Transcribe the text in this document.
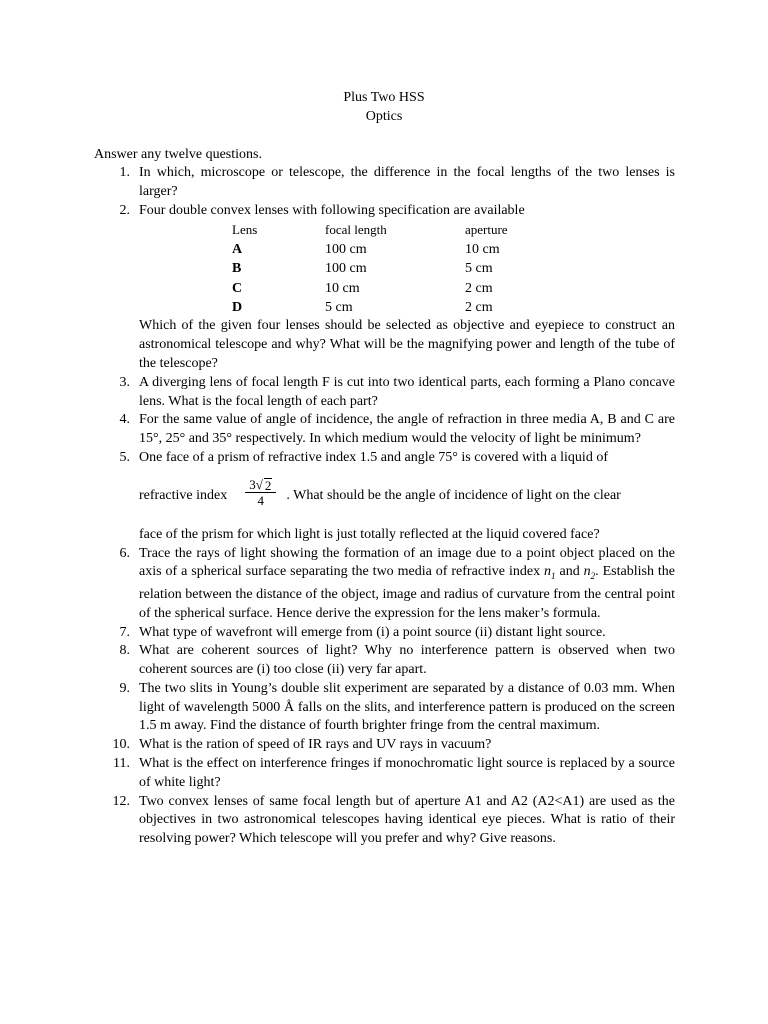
Plus Two HSS
Optics
Answer any twelve questions.
1. In which, microscope or telescope, the difference in the focal lengths of the two lenses is larger?
2. Four double convex lenses with following specification are available
Lens	focal length	aperture
A	100 cm	10 cm
B	100 cm	5 cm
C	10 cm	2 cm
D	5 cm	2 cm
Which of the given four lenses should be selected as objective and eyepiece to construct an astronomical telescope and why? What will be the magnifying power and length of the tube of the telescope?
3. A diverging lens of focal length F is cut into two identical parts, each forming a Plano concave lens. What is the focal length of each part?
4. For the same value of angle of incidence, the angle of refraction in three media A, B and C are 15°, 25° and 35° respectively. In which medium would the velocity of light be minimum?
5. One face of a prism of refractive index 1.5 and angle 75° is covered with a liquid of
refractive index $\frac{3 √ 2}{4}$ . What should be the angle of incidence of light on the clear
face of the prism for which light is just totally reflected at the liquid covered face?
6. Trace the rays of light showing the formation of an image due to a point object placed on the axis of a spherical surface separating the two media of refractive index $n_1$ and $n_2$. Establish the relation between the distance of the object, image and radius of curvature from the central point of the spherical surface. Hence derive the expression for the lens maker’s formula.
7. What type of wavefront will emerge from (i) a point source (ii) distant light source.
8. What are coherent sources of light? Why no interference pattern is observed when two coherent sources are (i) too close (ii) very far apart.
9. The two slits in Young’s double slit experiment are separated by a distance of 0.03 mm. When light of wavelength 5000 Å falls on the slits, and interference pattern is produced on the screen 1.5 m away. Find the distance of fourth brighter fringe from the central maximum.
10. What is the ration of speed of IR rays and UV rays in vacuum?
11. What is the effect on interference fringes if monochromatic light source is replaced by a source of white light?
12. Two convex lenses of same focal length but of aperture A1 and A2 (A2<A1) are used as the objectives in two astronomical telescopes having identical eye pieces. What is ratio of their resolving power? Which telescope will you prefer and why? Give reasons.
